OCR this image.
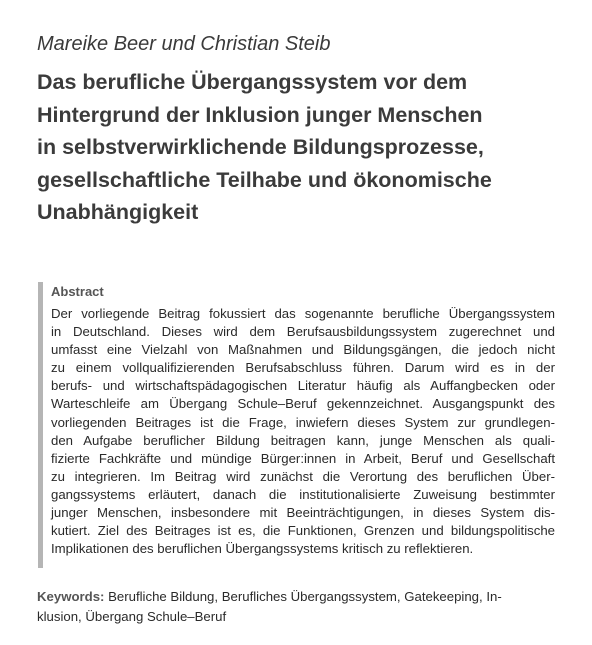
Mareike Beer und Christian Steib
Das berufliche Übergangssystem vor dem
Hintergrund der Inklusion junger Menschen
in selbstverwirklichende Bildungsprozesse,
gesellschaftliche Teilhabe und ökonomische
Unabhängigkeit
Abstract
Der vorliegende Beitrag fokussiert das sogenannte berufliche Übergangssystem
in Deutschland. Dieses wird dem Berufsausbildungssystem zugerechnet und
umfasst eine Vielzahl von Maßnahmen und Bildungsgängen, die jedoch nicht
zu einem vollqualifizierenden Berufsabschluss führen. Darum wird es in der
berufs- und wirtschaftspädagogischen Literatur häufig als Auffangbecken oder
Warteschleife am Übergang Schule–Beruf gekennzeichnet. Ausgangspunkt des
vorliegenden Beitrages ist die Frage, inwiefern dieses System zur grundlegen-
den Aufgabe beruflicher Bildung beitragen kann, junge Menschen als quali-
fizierte Fachkräfte und mündige Bürger:innen in Arbeit, Beruf und Gesellschaft
zu integrieren. Im Beitrag wird zunächst die Verortung des beruflichen Über-
gangssystems erläutert, danach die institutionalisierte Zuweisung bestimmter
junger Menschen, insbesondere mit Beeinträchtigungen, in dieses System dis-
kutiert. Ziel des Beitrages ist es, die Funktionen, Grenzen und bildungspolitische
Implikationen des beruflichen Übergangssystems kritisch zu reflektieren.
Keywords: Berufliche Bildung, Berufliches Übergangssystem, Gatekeeping, In-
klusion, Übergang Schule–Beruf
